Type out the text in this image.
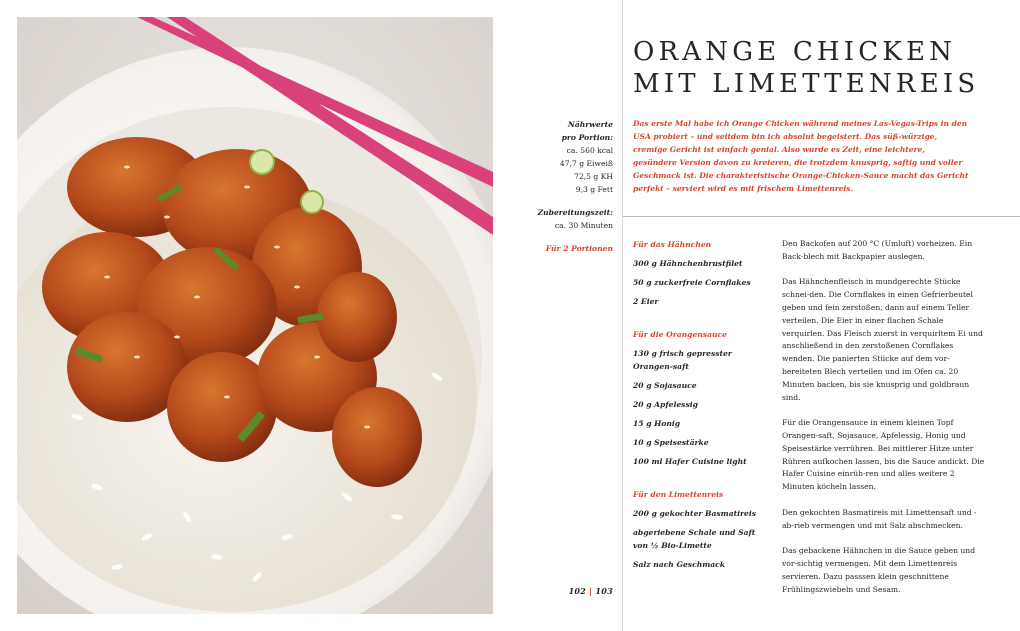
Nährwerte
pro Portion:
ca. 560 kcal
47,7 g Eiweiß
72,5 g KH
9,3 g Fett
Zubereitungszeit:
ca. 30 Minuten
Für 2 Portionen
102 | 103
ORANGE CHICKEN
MIT LIMETTENREIS

Das erste Mal habe ich Orange Chicken während meines Las-Vegas-Trips in den USA probiert – und seitdem bin ich absolut begeistert. Das süß-würzige, cremige Gericht ist einfach genial. Also wurde es Zeit, eine leichtere, gesündere Version davon zu kreieren, die trotzdem knusprig, saftig und voller Geschmack ist. Die charakteristische Orange-Chicken-Sauce macht das Gericht perfekt – serviert wird es mit frischem Limettenreis.

Für das Hähnchen
300 g Hähnchenbrustfilet
50 g zuckerfreie Cornflakes
2 Eier
Für die Orangensauce
130 g frisch gepresster Orangen-saft
20 g Sojasauce
20 g Apfelessig
15 g Honig
10 g Speisestärke
100 ml Hafer Cuisine light
Für den Limettenreis
200 g gekochter Basmatireis
abgeriebene Schale und Saft von ½ Bio-Limette
Salz nach Geschmack

Den Backofen auf 200 °C (Umluft) vorheizen. Ein Back-blech mit Backpapier auslegen.

Das Hähnchenfleisch in mundgerechte Stücke schnei-den. Die Cornflakes in einen Gefrierbeutel geben und fein zerstoßen, dann auf einem Teller verteilen. Die Eier in einer flachen Schale verquirlen. Das Fleisch zuerst in verquirltem Ei und anschließend in den zerstoßenen Cornflakes wenden. Die panierten Stücke auf dem vor-bereiteten Blech verteilen und im Ofen ca. 20 Minuten backen, bis sie knusprig und goldbraun sind.

Für die Orangensauce in einem kleinen Topf Orangen-saft, Sojasauce, Apfelessig, Honig und Speisestärke verrühren. Bei mittlerer Hitze unter Rühren aufkochen lassen, bis die Sauce andickt. Die Hafer Cuisine einrüh-ren und alles weitere 2 Minuten köcheln lassen.

Den gekochten Basmatireis mit Limettensaft und -ab-rieb vermengen und mit Salz abschmecken.

Das gebackene Hähnchen in die Sauce geben und vor-sichtig vermengen. Mit dem Limettenreis servieren. Dazu passsen klein geschnittene Frühlingszwiebeln und Sesam.
